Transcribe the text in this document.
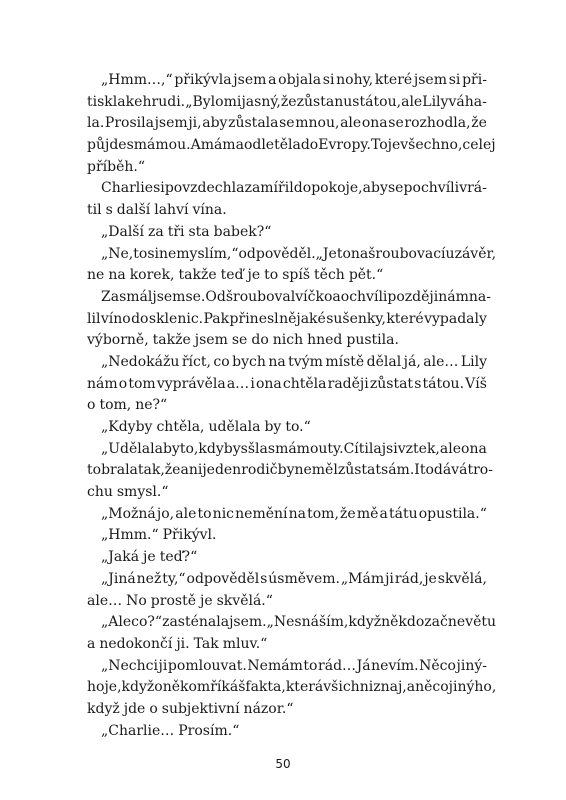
„Hmm…,“ přikývla jsem a objala si nohy, které jsem si při-
tiskla ke hrudi. „Bylo mi jasný, že zůstanu s tátou, ale Lily váha-
la. Prosila jsem ji, aby zůstala se mnou, ale ona se rozhodla, že
půjde s mámou. A máma odletěla do Evropy. To je všechno, celej
příběh.“
Charlie si povzdechl a zamířil do pokoje, aby se po chvíli vrá-
til s další lahví vína.
„Další za tři sta babek?“
„Ne, to si nemyslím,“ odpověděl. „Je to na šroubovací uzávěr,
ne na korek, takže teď je to spíš těch pět.“
Zasmál jsem se. Odšrouboval víčko a o chvíli později nám na-
lil víno do sklenic. Pak přinesl nějaké sušenky, které vypadaly
výborně, takže jsem se do nich hned pustila.
„Nedokážu říct, co bych na tvým místě dělal já, ale… Lily
nám o tom vyprávěla a… i ona chtěla raději zůstat s tátou. Víš
o tom, ne?“
„Kdyby chtěla, udělala by to.“
„Udělala by to, kdybys šla s mámou ty. Cítila jsi vztek, ale ona
to brala tak, že ani jeden rodič by neměl zůstat sám. I to dává tro-
chu smysl.“
„Možná jo, ale to nic nemění na tom, že mě a tátu opustila.“
„Hmm.“ Přikývl.
„Jaká je teď?“
„Jiná než ty,“ odpověděl s úsměvem. „Mám ji rád, je skvělá,
ale… No prostě je skvělá.“
„Ale co?“ zasténala jsem. „Nesnáším, když někdo začne větu
a nedokončí ji. Tak mluv.“
„Nechci ji pomlouvat. Nemám to rád… Já nevím. Něco jiný-
ho je, když o někom říkáš fakta, která všichni znaj, a něco jinýho,
když jde o subjektivní názor.“
„Charlie… Prosím.“
50
